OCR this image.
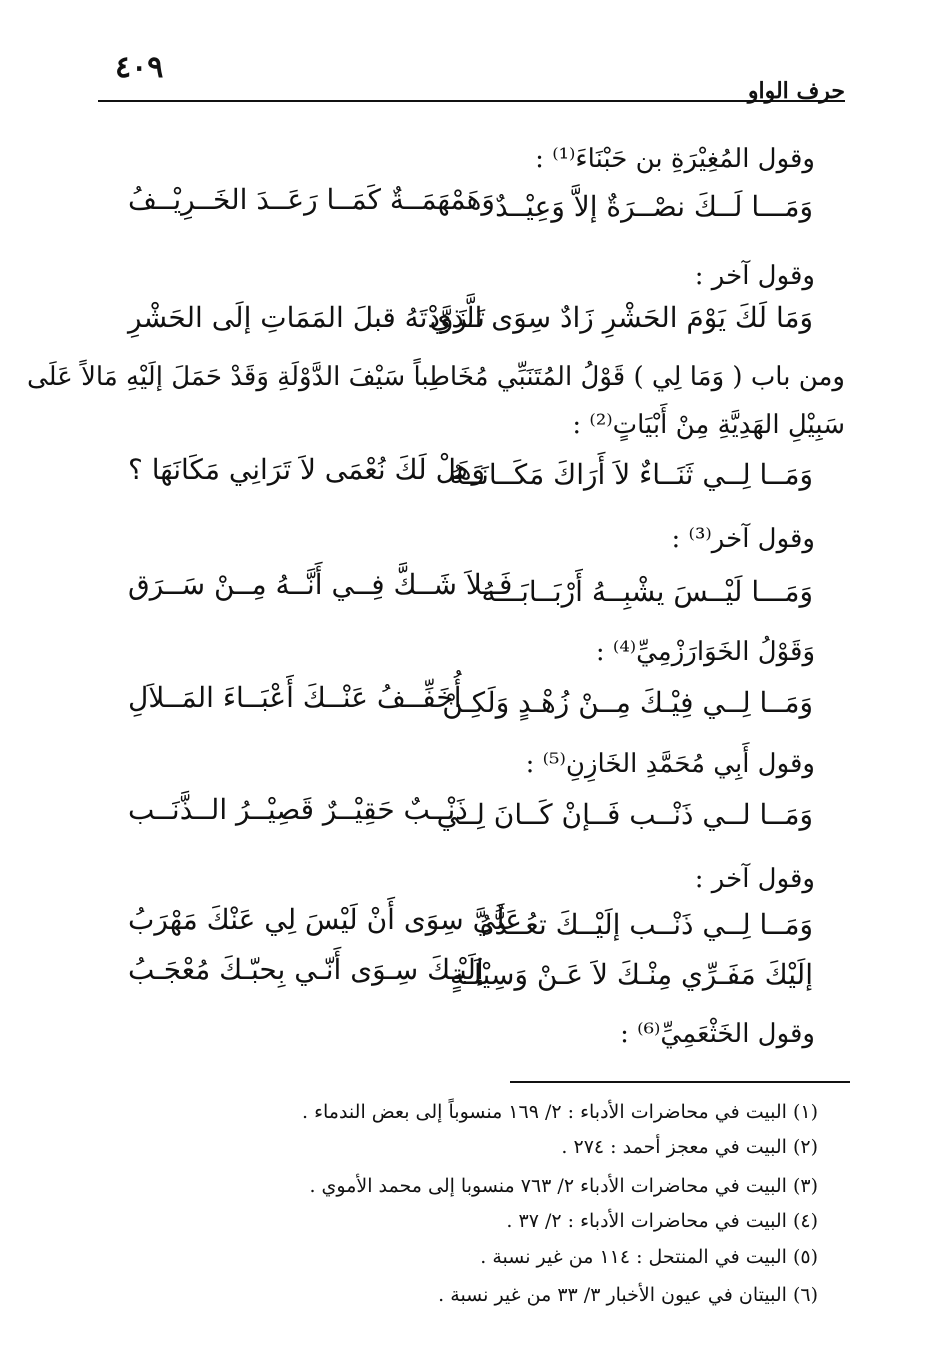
٤٠٩
حرف الواو
وقول المُغِيْرَةِ بن حَبْنَاءَ⁽¹⁾ :
وَمَـــا لَــكَ نصْــرَةٌ إلاَّ وَعِيْــدٌ
وَهَمْهَمَــةٌ كَمَــا رَعَــدَ الخَــرِيْــفُ
وقول آخر :
وَمَا لَكَ يَوْمَ الحَشْرِ زَادٌ سِوَى الَّذِي
تَـزَوَّدْتَهُ قبلَ المَمَاتِ إلَى الحَشْرِ
ومن باب ( وَمَا لِي ) قَوْلُ المُتَنَبِّي مُخَاطِباً سَيْفَ الدَّوْلَةِ وَقَدْ حَمَلَ إلَيْهِ مَالاً عَلَى
سَبِيْلِ الهَدِيَّةِ مِنْ أَبْيَاتٍ⁽²⁾ :
وَمَــا لِــي ثَنَــاءٌ لاَ أَرَاكَ مَكَــانَــهُ
وَهَلْ لَكَ نُعْمَى لاَ تَرَانِي مَكَانَهَا ؟
وقول آخر⁽³⁾ :
وَمَـــا لَيْــسَ يشْبِــهُ أَرْبَــابَـــهُ
فَــلاَ شَــكَّ فِــي أَنَّــهُ مِــنْ سَــرَق
وَقَوْلُ الخَوَارَزْمِيِّ⁽⁴⁾ :
وَمَــا لِــي فِيْـكَ مِــنْ زُهْـدٍ وَلَكِـنْ
أُخَفِّــفُ عَنْــكَ أَعْبَــاءَ المَــلاَلِ
وقول أَبِي مُحَمَّدِ الخَازِنِ⁽⁵⁾ :
وَمَــا لــي ذَنْــب فَــإنْ كَــانَ لِــي
ذَنْــبٌ حَقِيْــرٌ قَصِيْــرُ الــذَّنَــب
وقول آخر :
وَمَــا لِــي ذَنْــب إلَيْــكَ تعُــدُّهُ
عَلَيَّ سِوَى أَنْ لَيْسَ لِي عَنْكَ مَهْرَبُ
إلَيْكَ مَفَـرِّي مِنْـكَ لاَ عَـنْ وَسِيْلَـةٍ
إلَيْـكَ سِـوَى أَنّـي بِحبّـكَ مُعْجَـبُ
وقول الخَثْعَمِيِّ⁽⁶⁾ :
(١) البيت في محاضرات الأدباء : ٢/ ١٦٩ منسوباً إلى بعض الندماء .
(٢) البيت في معجز أحمد : ٢٧٤ .
(٣) البيت في محاضرات الأدباء ٢/ ٧٦٣ منسوبا إلى محمد الأموي .
(٤) البيت في محاضرات الأدباء : ٢/ ٣٧ .
(٥) البيت في المنتحل : ١١٤ من غير نسبة .
(٦) البيتان في عيون الأخبار ٣/ ٣٣ من غير نسبة .
